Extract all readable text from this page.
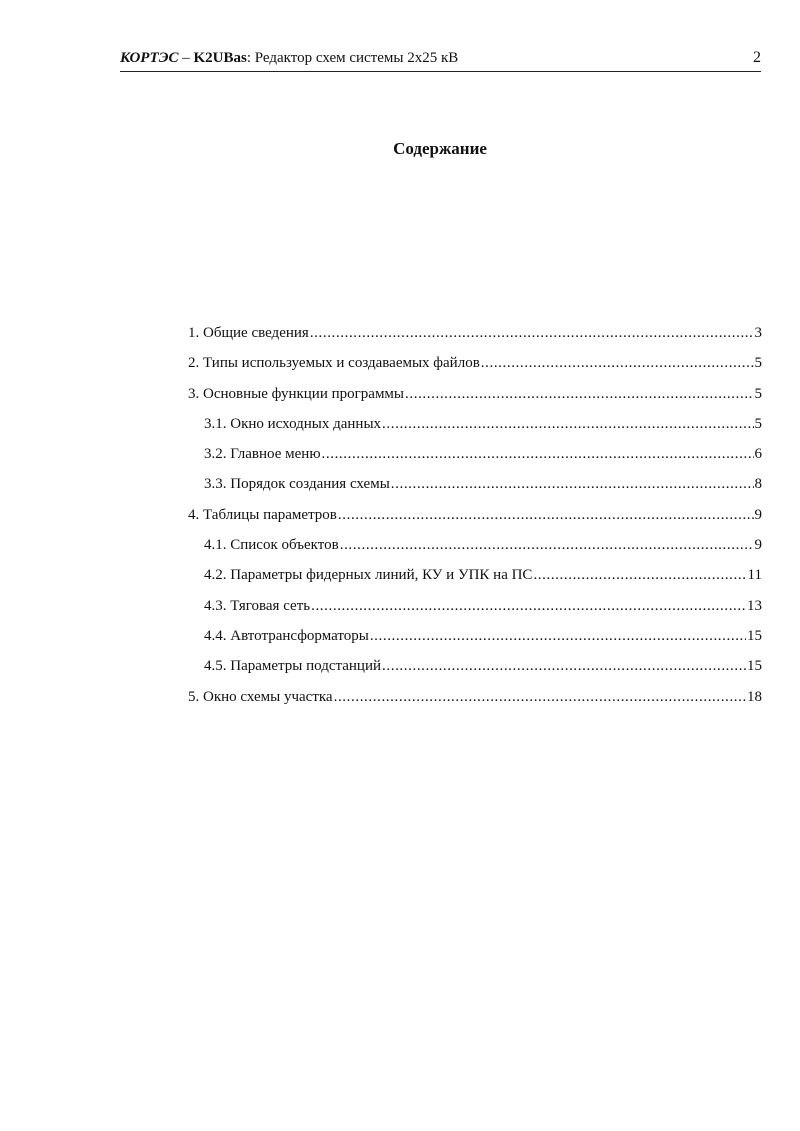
КОРТЭС – K2UBas: Редактор схем системы 2х25 кВ	2
Содержание
1. Общие сведения .....	3
2. Типы используемых и создаваемых файлов .....	5
3. Основные функции программы .....	5
3.1. Окно исходных данных .....	5
3.2. Главное меню .....	6
3.3. Порядок создания схемы .....	8
4. Таблицы параметров .....	9
4.1. Список объектов .....	9
4.2. Параметры фидерных линий, КУ и УПК на ПС .....	11
4.3. Тяговая сеть .....	13
4.4. Автотрансформаторы .....	15
4.5. Параметры подстанций .....	15
5. Окно схемы участка .....	18
